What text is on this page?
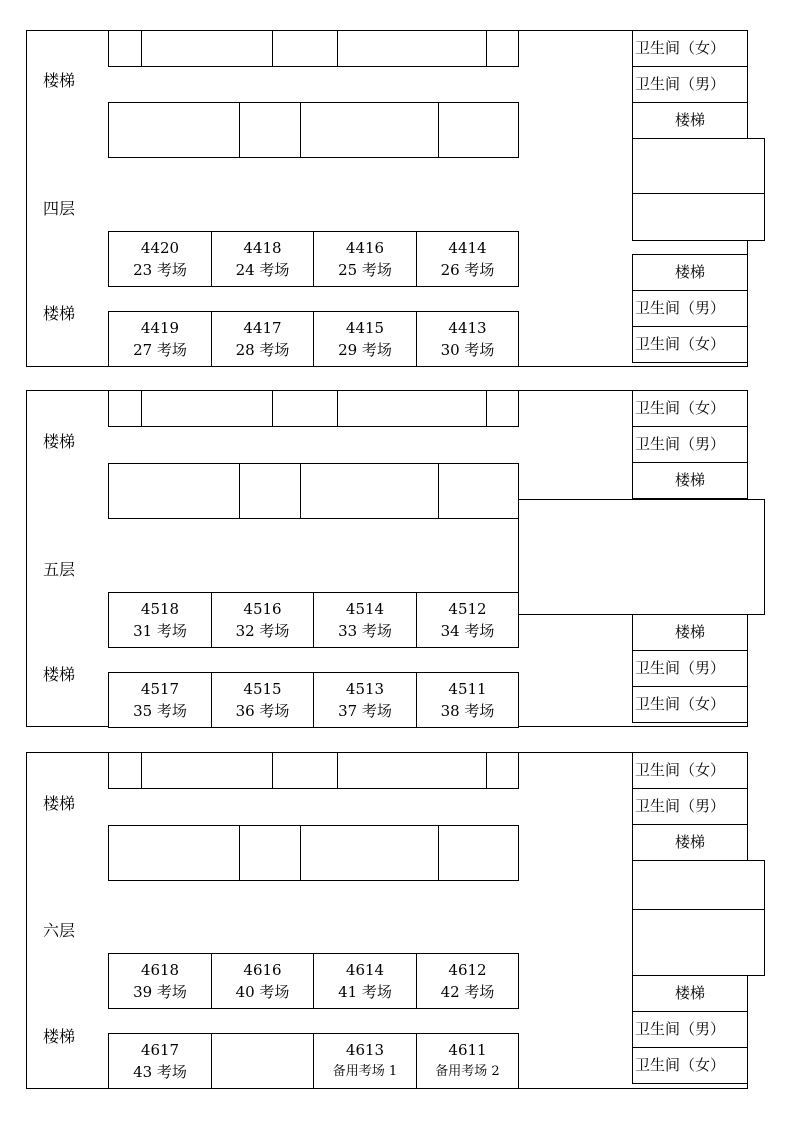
楼梯
四层
楼梯
4420
23 考场
4418
24 考场
4416
25 考场
4414
26 考场
4419
27 考场
4417
28 考场
4415
29 考场
4413
30 考场
卫生间（女）
卫生间（男）
楼梯
楼梯
卫生间（男）
卫生间（女）
楼梯
五层
楼梯
4518
31 考场
4516
32 考场
4514
33 考场
4512
34 考场
4517
35 考场
4515
36 考场
4513
37 考场
4511
38 考场
卫生间（女）
卫生间（男）
楼梯
楼梯
卫生间（男）
卫生间（女）
楼梯
六层
楼梯
4618
39 考场
4616
40 考场
4614
41 考场
4612
42 考场
4617
43 考场
4613
备用考场 1
4611
备用考场 2
卫生间（女）
卫生间（男）
楼梯
楼梯
卫生间（男）
卫生间（女）
